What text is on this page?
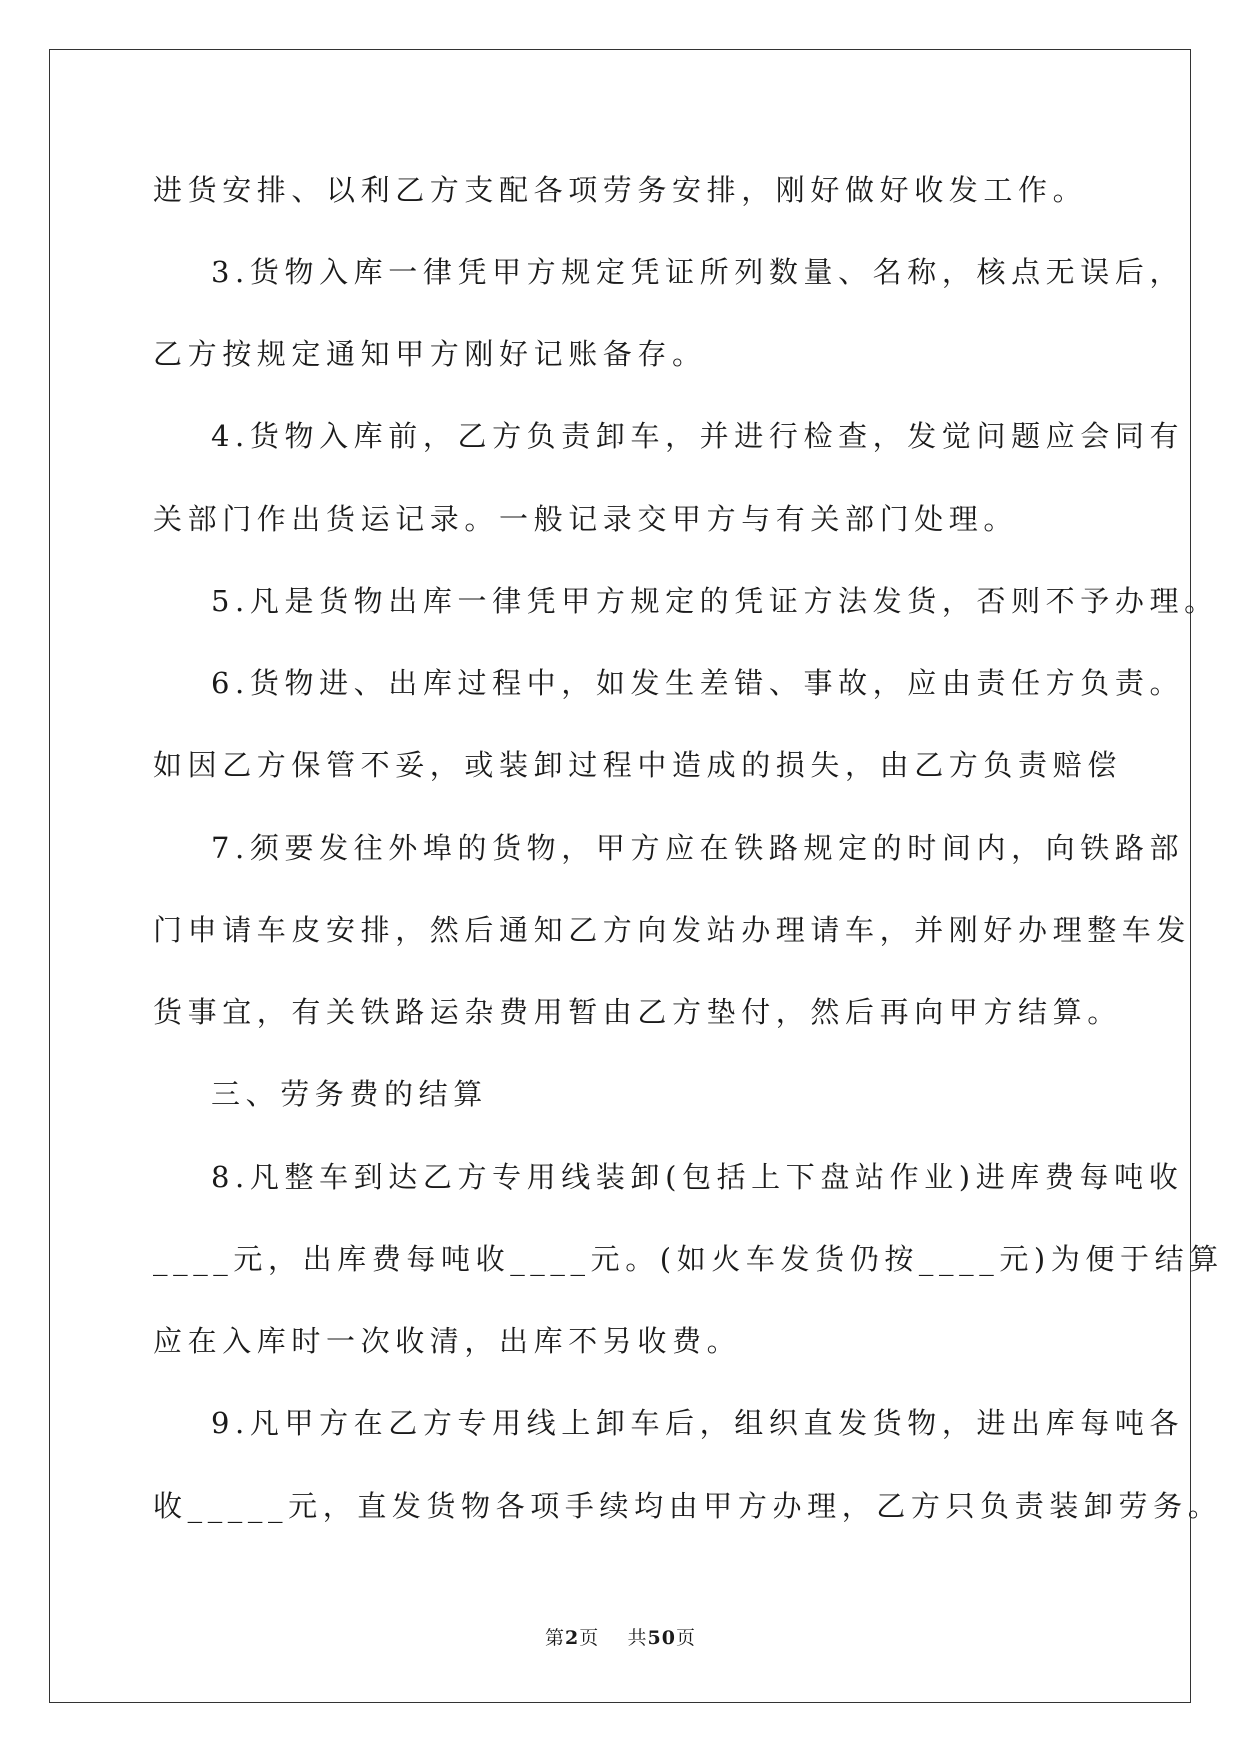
进货安排、以利乙方支配各项劳务安排，刚好做好收发工作。
3.货物入库一律凭甲方规定凭证所列数量、名称，核点无误后，
乙方按规定通知甲方刚好记账备存。
4.货物入库前，乙方负责卸车，并进行检查，发觉问题应会同有
关部门作出货运记录。一般记录交甲方与有关部门处理。
5.凡是货物出库一律凭甲方规定的凭证方法发货，否则不予办理。
6.货物进、出库过程中，如发生差错、事故，应由责任方负责。
如因乙方保管不妥，或装卸过程中造成的损失，由乙方负责赔偿
7.须要发往外埠的货物，甲方应在铁路规定的时间内，向铁路部
门申请车皮安排，然后通知乙方向发站办理请车，并刚好办理整车发
货事宜，有关铁路运杂费用暂由乙方垫付，然后再向甲方结算。
三、劳务费的结算
8.凡整车到达乙方专用线装卸(包括上下盘站作业)进库费每吨收
____元，出库费每吨收____元。(如火车发货仍按____元)为便于结算
应在入库时一次收清，出库不另收费。
9.凡甲方在乙方专用线上卸车后，组织直发货物，进出库每吨各
收_____元，直发货物各项手续均由甲方办理，乙方只负责装卸劳务。
第2页 共50页
